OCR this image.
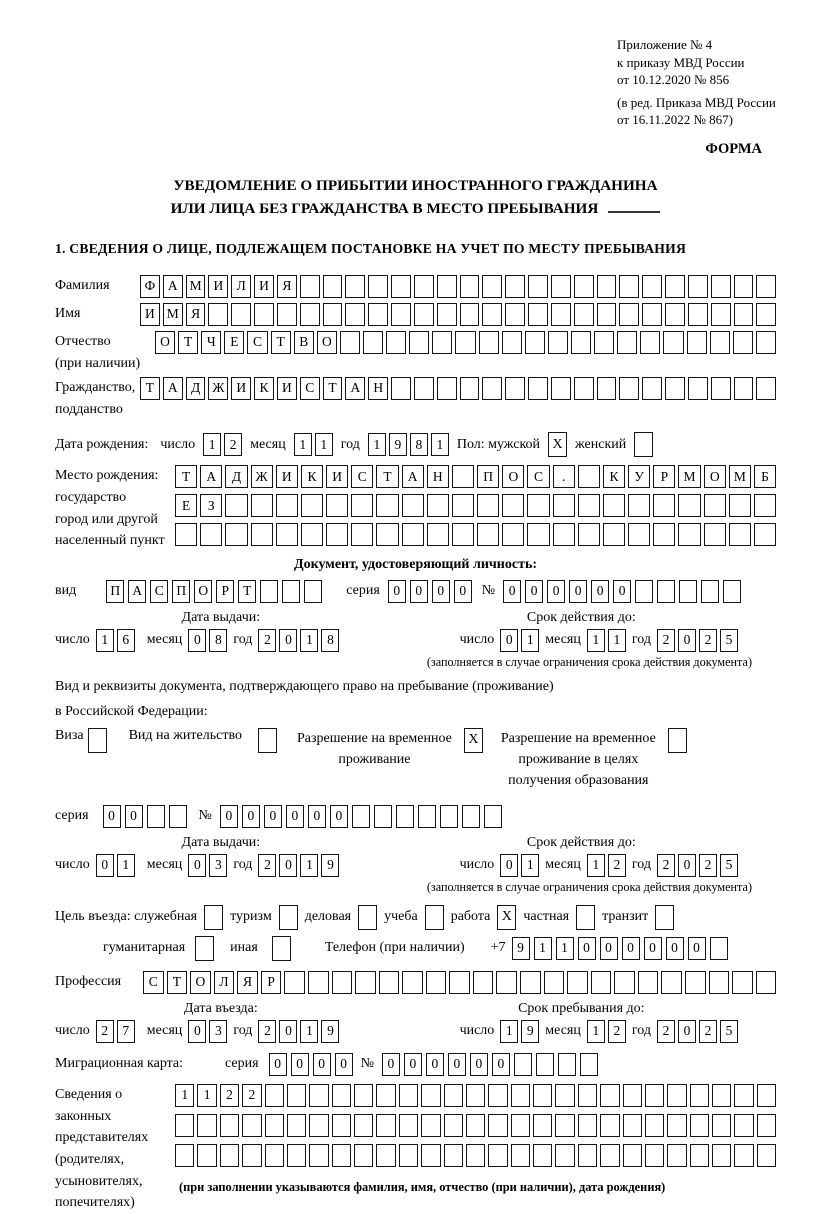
Приложение № 4
к приказу МВД России
от 10.12.2020 № 856
(в ред. Приказа МВД России
от 16.11.2022 № 867)
ФОРМА
УВЕДОМЛЕНИЕ О ПРИБЫТИИ ИНОСТРАННОГО ГРАЖДАНИНА
ИЛИ ЛИЦА БЕЗ ГРАЖДАНСТВА В МЕСТО ПРЕБЫВАНИЯ
1. СВЕДЕНИЯ О ЛИЦЕ, ПОДЛЕЖАЩЕМ ПОСТАНОВКЕ НА УЧЕТ ПО МЕСТУ ПРЕБЫВАНИЯ
Фамилия	Ф А М И Л И Я
Имя	И М Я
Отчество	О	Т	Ч	Е	С	Т	В	О
(при наличии)
Гражданство,
подданство
Т	А Д Ж И К И С	Т	А Н
Дата рождения: число	1	2 месяц	1	1 год	1	9	8	1 Пол: мужской X женский
Место рождения:
государство
город или другой
населенный пункт
Т	А	Д	Ж	И	К	И	С	Т	А	Н	П	О	С	.	К	У	Р	М	О	М	Б
Е	З
Документ, удостоверяющий личность:
вид	П А С П О Р	Т	серия	0	0	0	0	№	0	0	0	0	0	0
Дата выдачи:	Срок действия до:
число 1	6	месяц 0	8 год 2	0	1	8	число 0	1 месяц 1	1 год 2	0	2	5
(заполняется в случае ограничения срока действия документа)
Вид и реквизиты документа, подтверждающего право на пребывание (проживание)
в Российской Федерации:
Виза	Вид на жительство	Разрешение на временное
проживание
X	Разрешение на временное
проживание в целях
получения образования
серия	0	0	№	0	0	0	0	0	0
Дата выдачи:	Срок действия до:
число 0	1	месяц 0	3 год 2	0	1	9	число 0	1 месяц 1	2 год 2	0	2	5
(заполняется в случае ограничения срока действия документа)
Цель въезда: служебная туризм деловая учеба работа X частная транзит
гуманитарная	иная	Телефон (при наличии) +7 9	1	1	0	0	0	0	0	0
Профессия	С	Т	О	Л	Я	Р
Дата въезда:	Срок пребывания до:
число 2	7	месяц 0	3 год 2	0	1	9	число 1	9 месяц 1	2 год 2	0	2	5
Миграционная карта:	серия	0	0	0	0 №	0	0	0	0	0	0
Сведения о
законных
представителях
(родителях,
усыновителях,
попечителях)
1	1	2	2
(при заполнении указываются фамилия, имя, отчество (при наличии), дата рождения)
